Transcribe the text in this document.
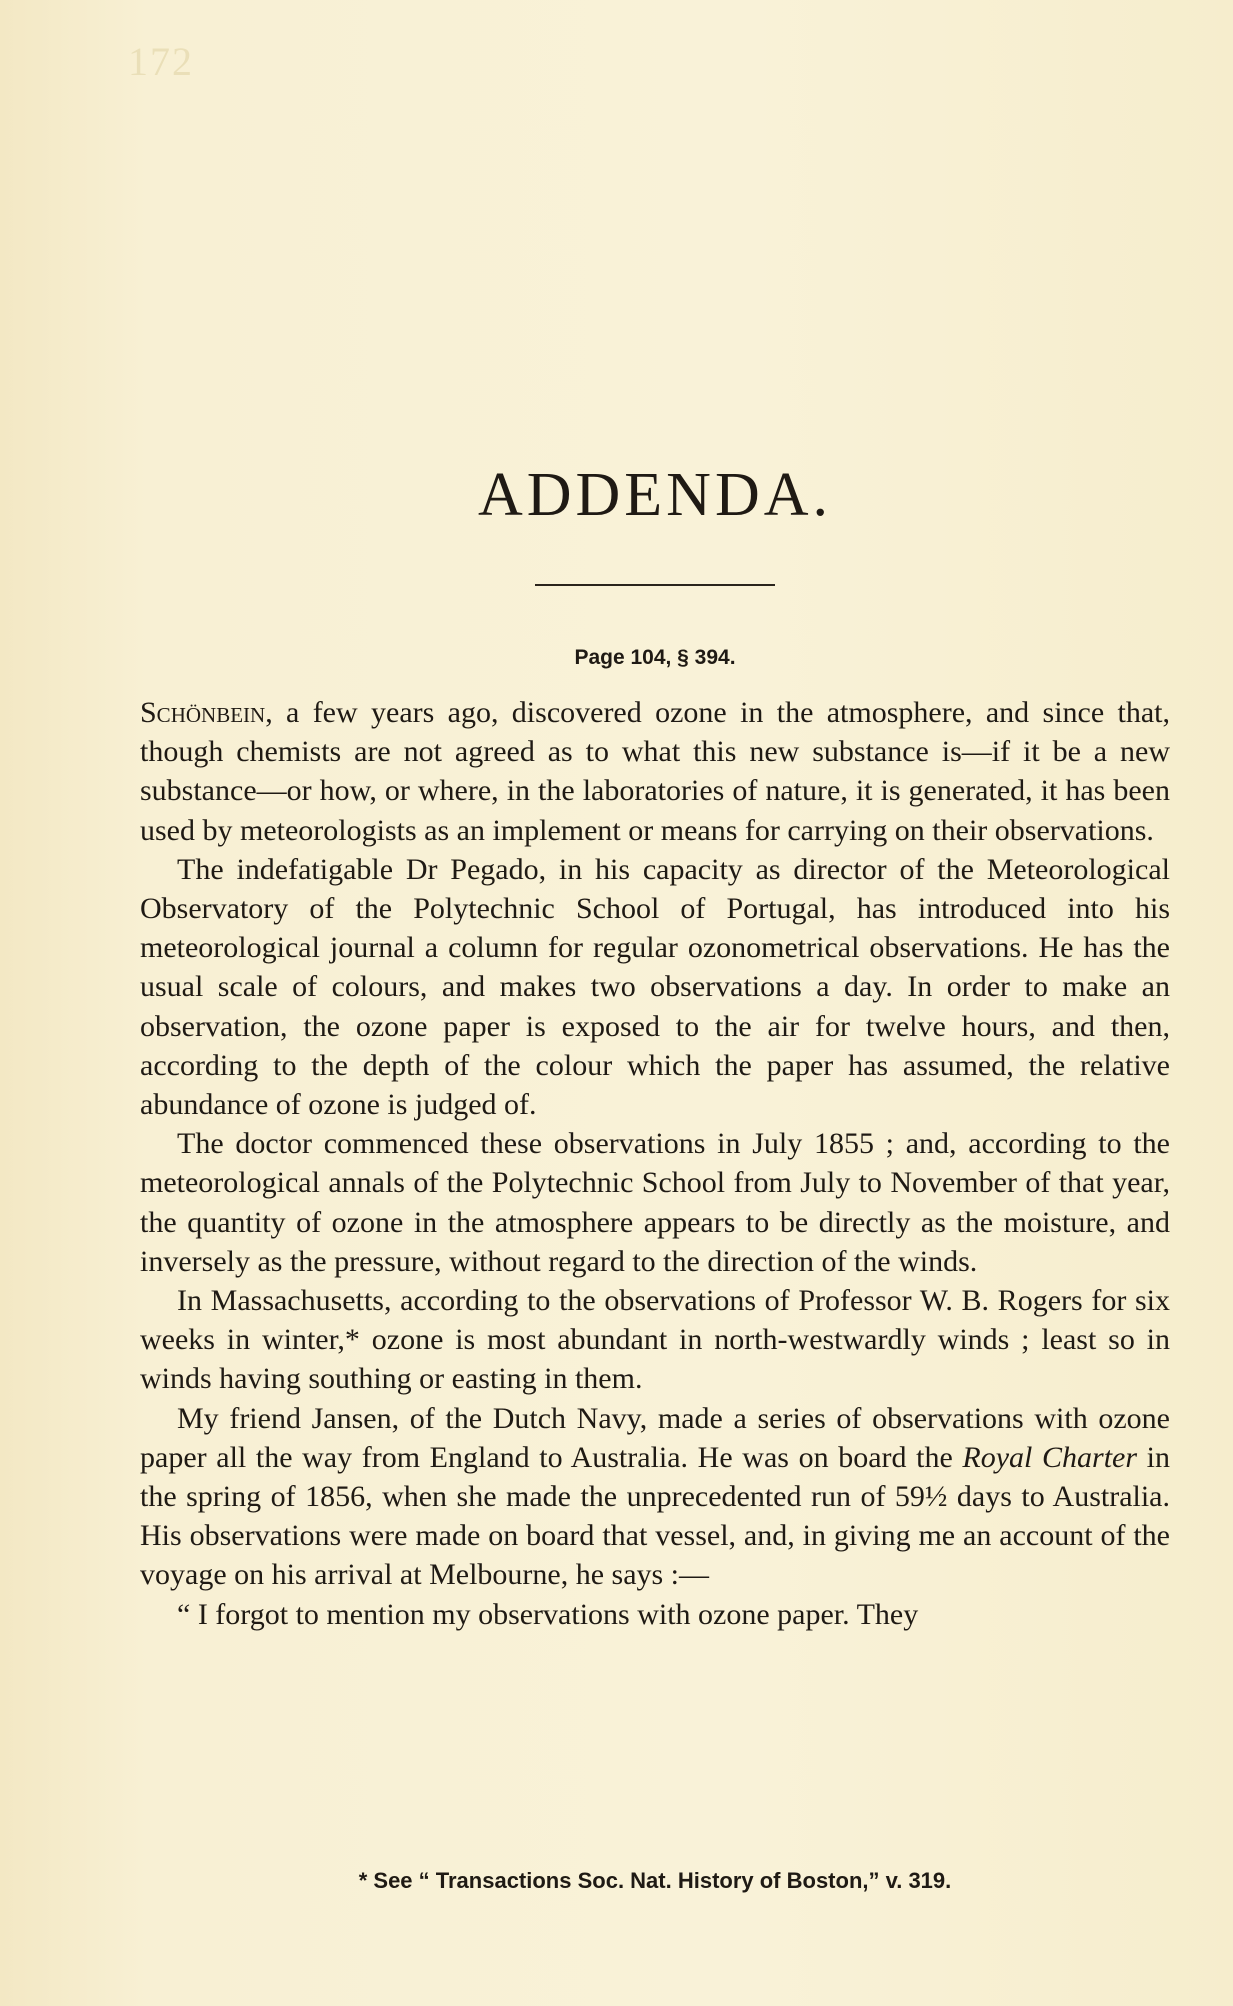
172
ADDENDA.
Page 104, § 394.

Schönbein, a few years ago, discovered ozone in the atmosphere, and since that, though chemists are not agreed as to what this new substance is—if it be a new substance—or how, or where, in the laboratories of nature, it is generated, it has been used by meteorologists as an implement or means for carrying on their observations.

The indefatigable Dr Pegado, in his capacity as director of the Meteorological Observatory of the Polytechnic School of Portugal, has introduced into his meteorological journal a column for regular ozonometrical observations. He has the usual scale of colours, and makes two observations a day. In order to make an observation, the ozone paper is exposed to the air for twelve hours, and then, according to the depth of the colour which the paper has assumed, the relative abundance of ozone is judged of.

The doctor commenced these observations in July 1855 ; and, according to the meteorological annals of the Polytechnic School from July to November of that year, the quantity of ozone in the atmosphere appears to be directly as the moisture, and inversely as the pressure, without regard to the direction of the winds.

In Massachusetts, according to the observations of Professor W. B. Rogers for six weeks in winter,* ozone is most abundant in north-westwardly winds ; least so in winds having southing or easting in them.

My friend Jansen, of the Dutch Navy, made a series of observations with ozone paper all the way from England to Australia. He was on board the Royal Charter in the spring of 1856, when she made the unprecedented run of 59½ days to Australia. His observations were made on board that vessel, and, in giving me an account of the voyage on his arrival at Melbourne, he says :—

“ I forgot to mention my observations with ozone paper. They

* See “ Transactions Soc. Nat. History of Boston,” v. 319.
